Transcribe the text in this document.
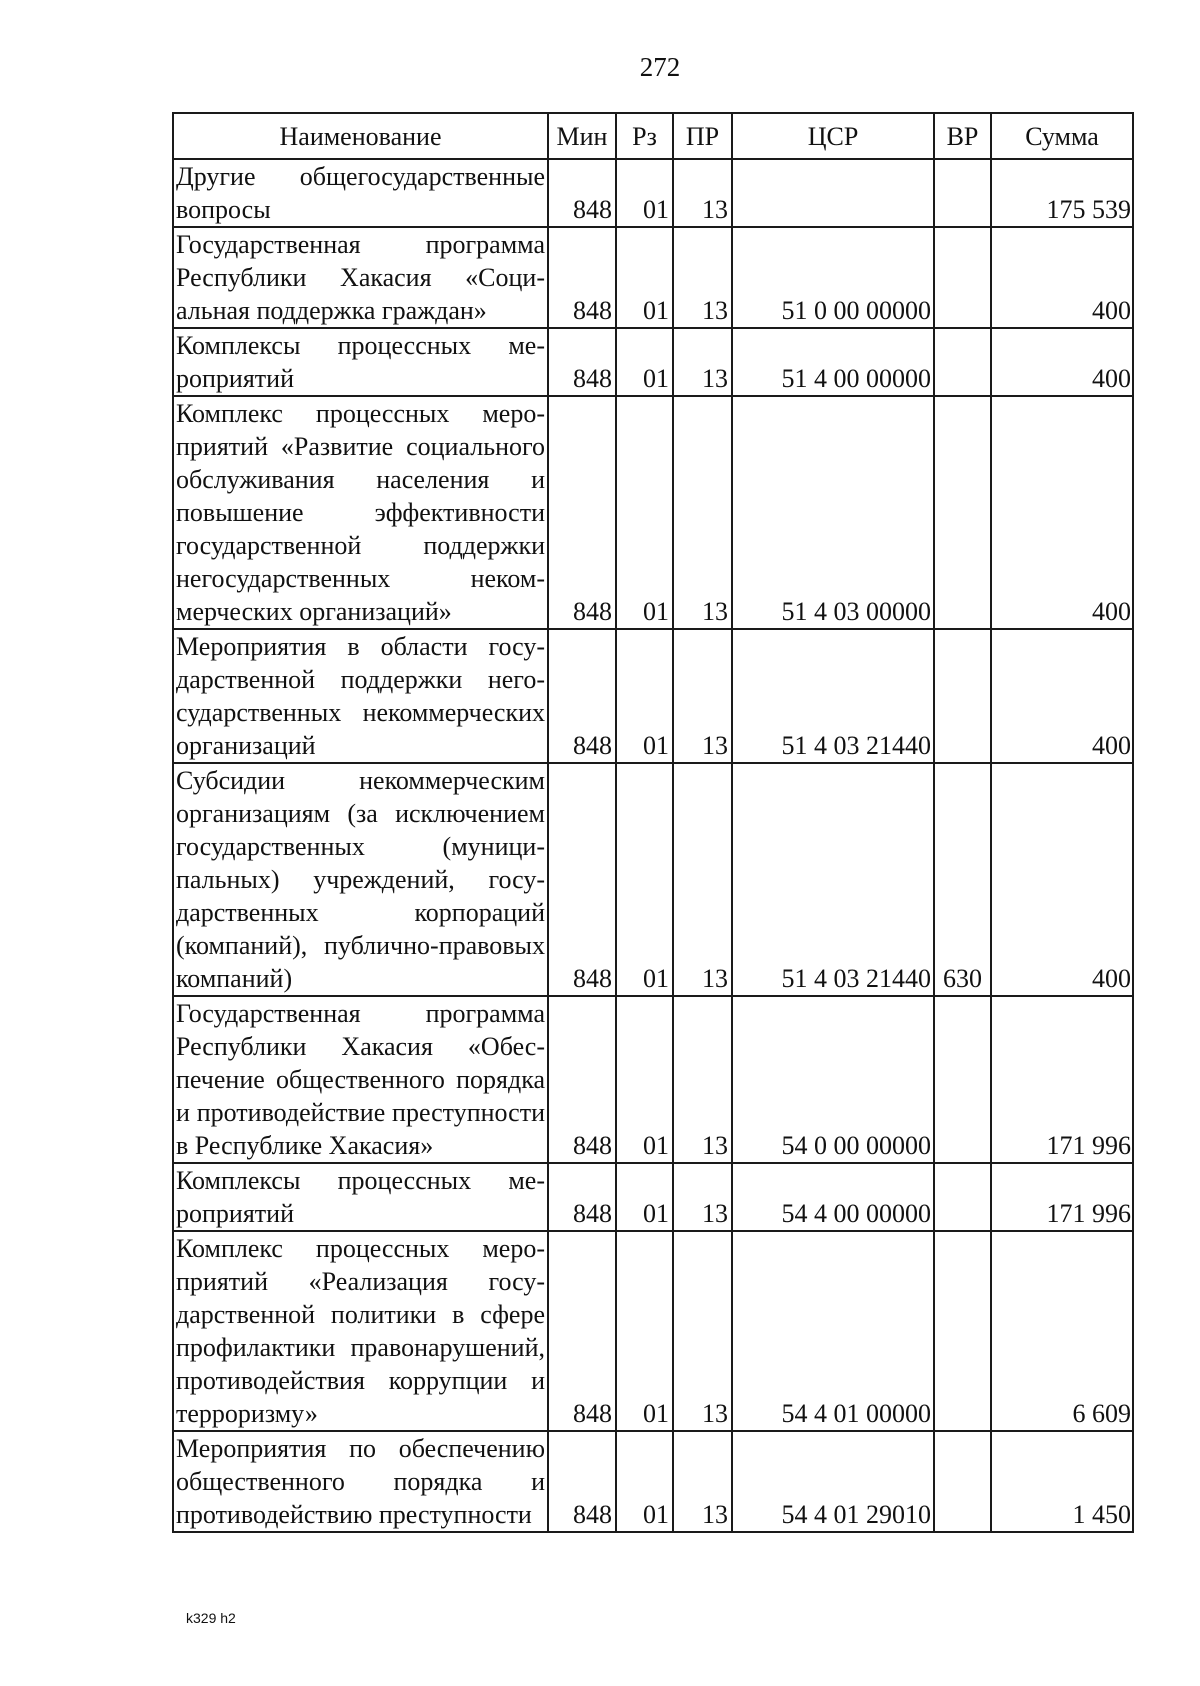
272
Наименование	Мин	Рз	ПР	ЦСР	ВР	Сумма
Другие общегосударственные вопросы	848	01	13			175 539
Государственная программа Республики Хакасия «Социальная поддержка граждан»	848	01	13	51 0 00 00000		400
Комплексы процессных мероприятий	848	01	13	51 4 00 00000		400
Комплекс процессных мероприятий «Развитие социального обслуживания населения и повышение эффективности государственной поддержки негосударственных некоммерческих организаций»	848	01	13	51 4 03 00000		400
Мероприятия в области государственной поддержки негосударственных некоммерческих организаций	848	01	13	51 4 03 21440		400
Субсидии некоммерческим организациям (за исключением государственных (муниципальных) учреждений, государственных корпораций (компаний), публично-правовых компаний)	848	01	13	51 4 03 21440	630	400
Государственная программа Республики Хакасия «Обеспечение общественного порядка и противодействие преступности в Республике Хакасия»	848	01	13	54 0 00 00000		171 996
Комплексы процессных мероприятий	848	01	13	54 4 00 00000		171 996
Комплекс процессных мероприятий «Реализация государственной политики в сфере профилактики правонарушений, противодействия коррупции и терроризму»	848	01	13	54 4 01 00000		6 609
Мероприятия по обеспечению общественного порядка и противодействию преступности	848	01	13	54 4 01 29010		1 450
k329 h2
